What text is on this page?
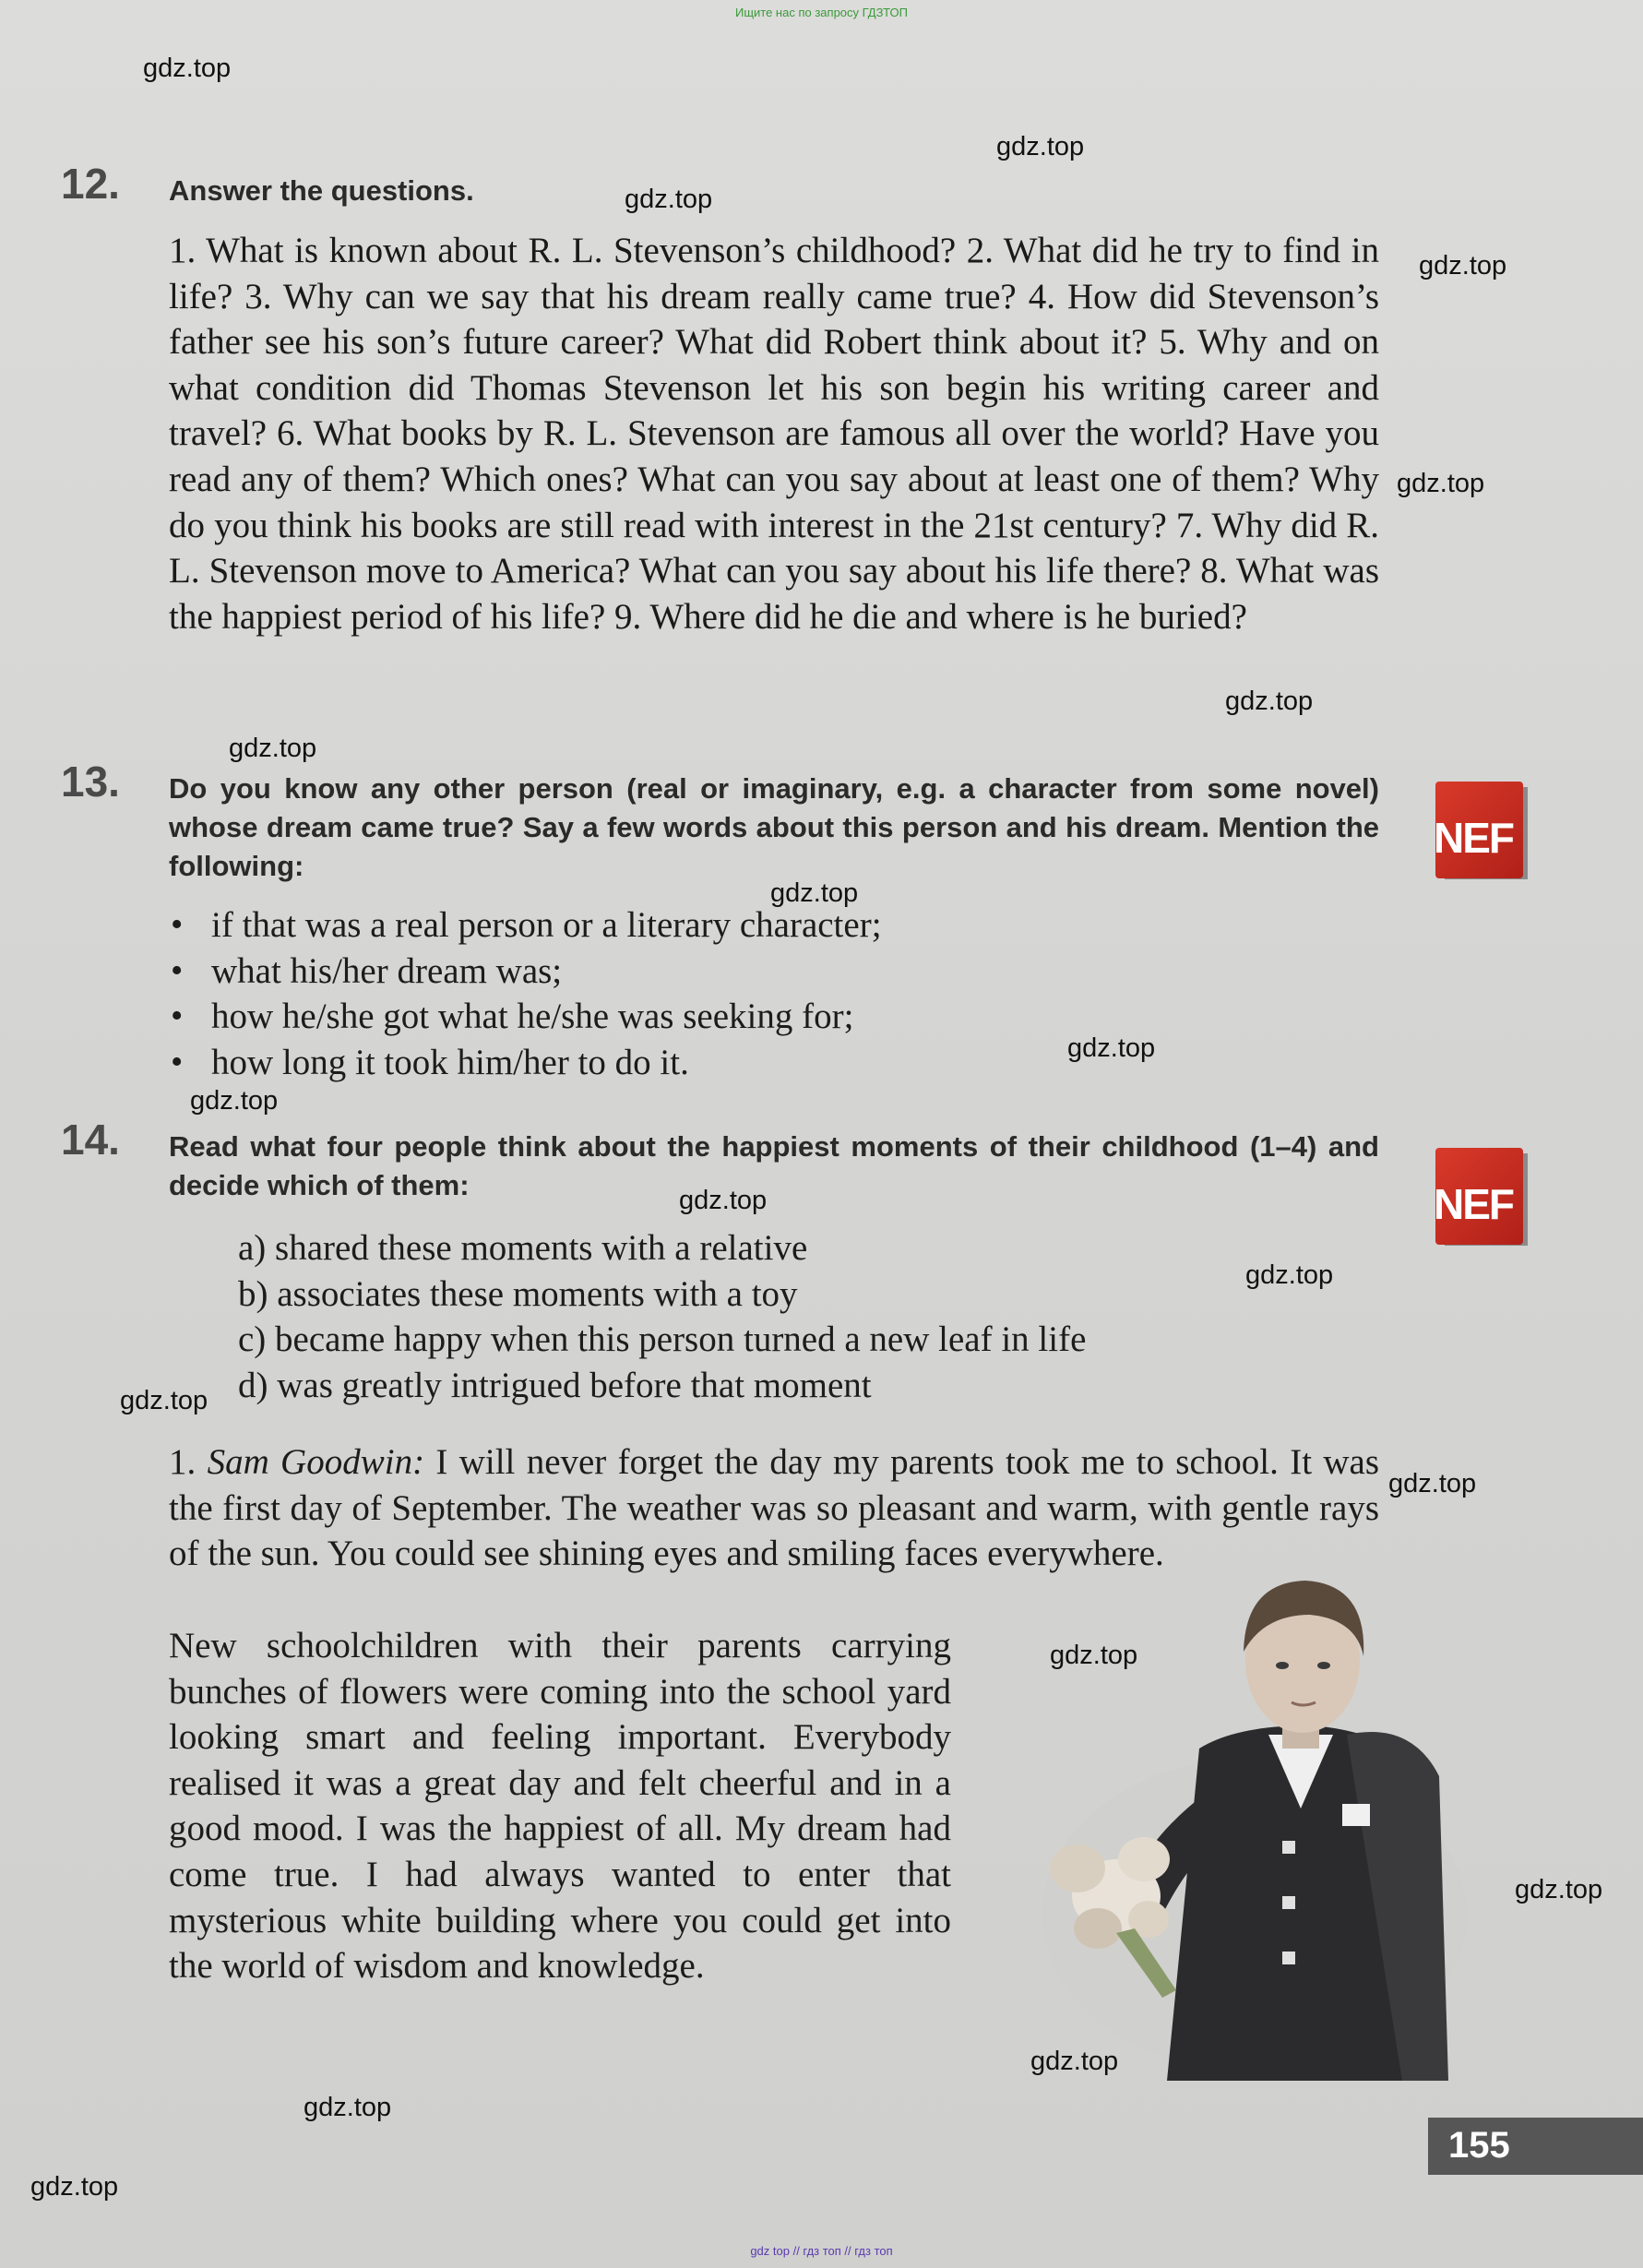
Ищите нас по запросу ГДЗТОП
12. Answer the questions.
1. What is known about R. L. Stevenson’s childhood? 2. What did he try to find in life? 3. Why can we say that his dream really came true? 4. How did Stevenson’s father see his son’s future career? What did Robert think about it? 5. Why and on what condition did Thomas Stevenson let his son begin his writing career and travel? 6. What books by R. L. Stevenson are famous all over the world? Have you read any of them? Which ones? What can you say about at least one of them? Why do you think his books are still read with interest in the 21st century? 7. Why did R. L. Stevenson move to America? What can you say about his life there? 8. What was the happiest period of his life? 9. Where did he die and where is he buried?
13. Do you know any other person (real or imaginary, e.g. a character from some novel) whose dream came true? Say a few words about this person and his dream. Mention the following:
NEF
• if that was a real person or a literary character;
• what his/her dream was;
• how he/she got what he/she was seeking for;
• how long it took him/her to do it.
14. Read what four people think about the happiest moments of their childhood (1–4) and decide which of them:	NEF
a) shared these moments with a relative
b) associates these moments with a toy
c) became happy when this person turned a new leaf in life
d) was greatly intrigued before that moment
1. Sam Goodwin: I will never forget the day my parents took me to school. It was the first day of September. The weather was so pleasant and warm, with gentle rays of the sun. You could see shining eyes and smiling faces everywhere.
New schoolchildren with their parents carrying bunches of flowers were coming into the school yard looking smart and feeling important. Everybody realised it was a great day and felt cheerful and in a good mood. I was the happiest of all. My dream had come true. I had always wanted to enter that mysterious white building where you could get into the world of wisdom and knowledge.
155
gdz.top
gdz.top
gdz.top
gdz.top
gdz.top
gdz.top
gdz.top
gdz.top
gdz.top
gdz.top
gdz.top
gdz.top
gdz.top
gdz.top
gdz.top
gdz.top
gdz.top
gdz.top
gdz.top
gdz top // гдз топ // гдз топ
